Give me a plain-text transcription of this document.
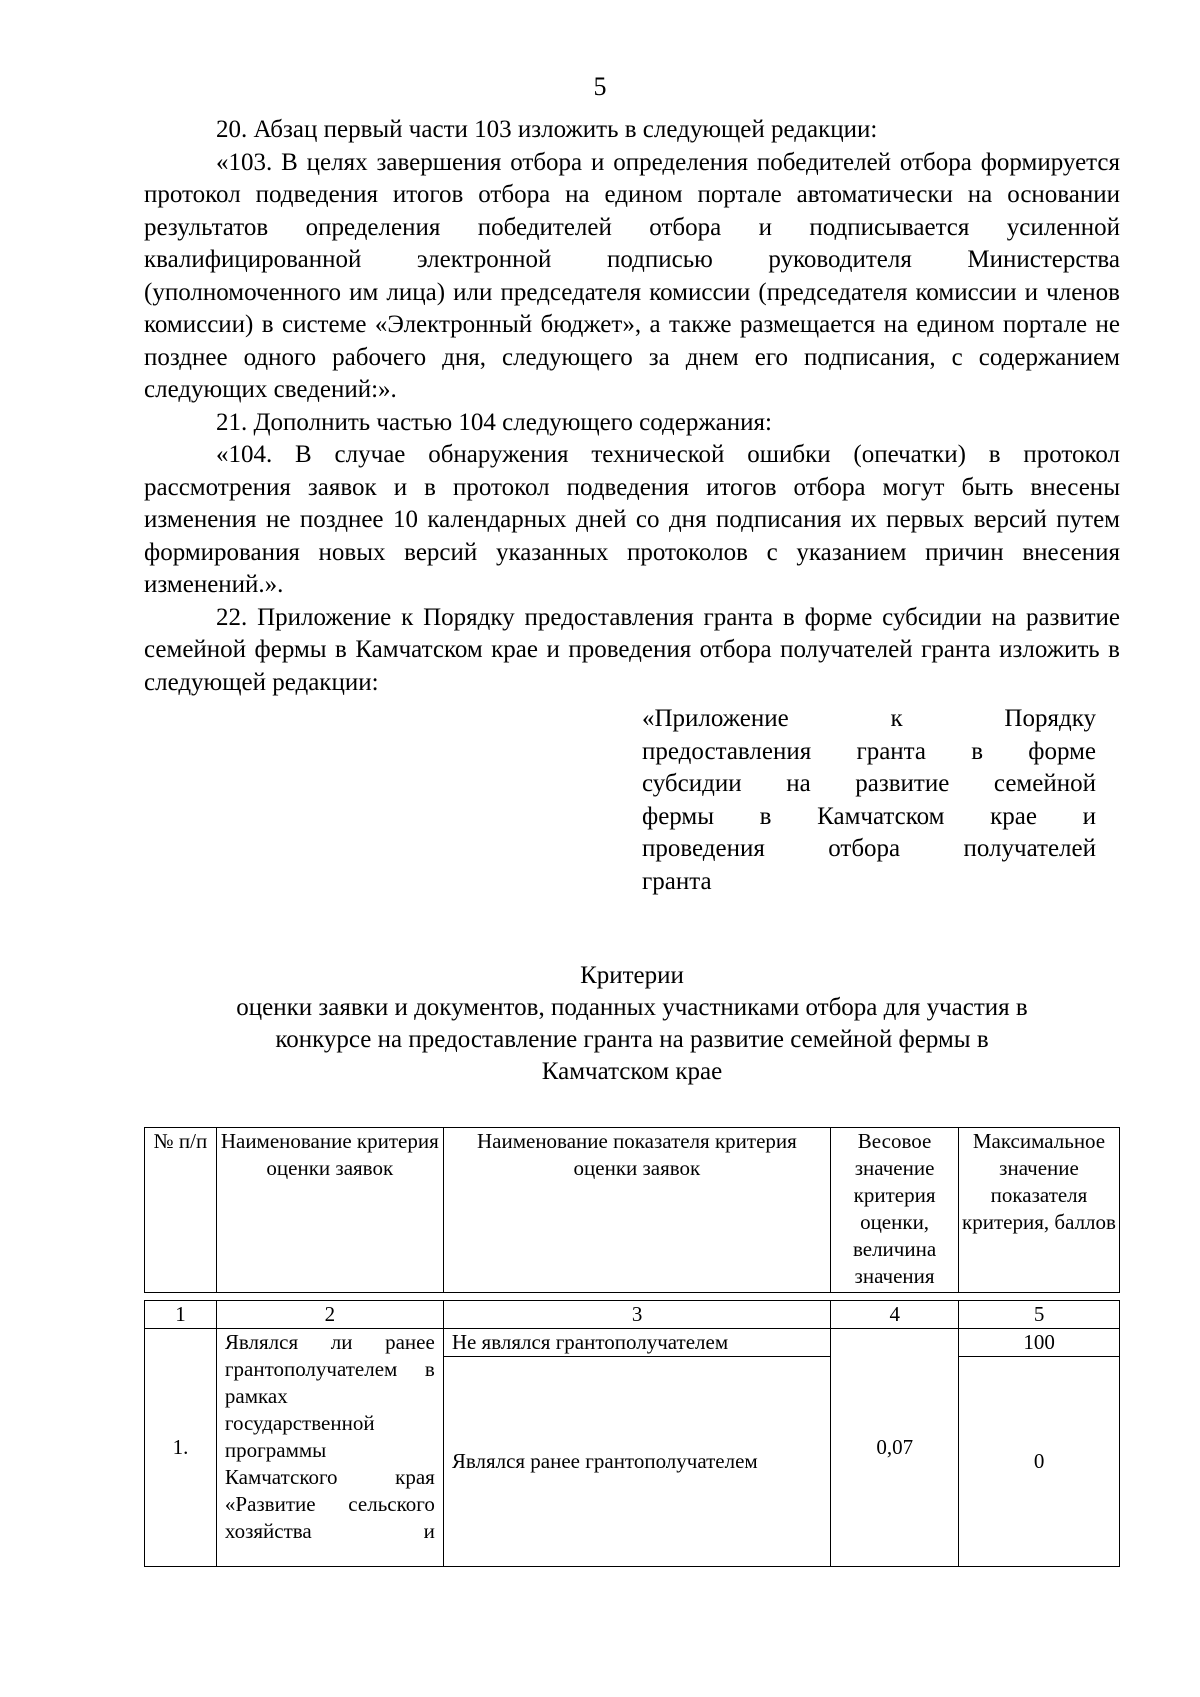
5

20. Абзац первый части 103 изложить в следующей редакции:

«103. В целях завершения отбора и определения победителей отбора формируется протокол подведения итогов отбора на едином портале автоматически на основании результатов определения победителей отбора и подписывается усиленной квалифицированной электронной подписью руководителя Министерства (уполномоченного им лица) или председателя комиссии (председателя комиссии и членов комиссии) в системе «Электронный бюджет», а также размещается на едином портале не позднее одного рабочего дня, следующего за днем его подписания, с содержанием следующих сведений:».

21. Дополнить частью 104 следующего содержания:

«104. В случае обнаружения технической ошибки (опечатки) в протокол рассмотрения заявок и в протокол подведения итогов отбора могут быть внесены изменения не позднее 10 календарных дней со дня подписания их первых версий путем формирования новых версий указанных протоколов с указанием причин внесения изменений.».

22. Приложение к Порядку предоставления гранта в форме субсидии на развитие семейной фермы в Камчатском крае и проведения отбора получателей гранта изложить в следующей редакции:

«Приложение к Порядку
предоставления гранта в форме
субсидии на развитие семейной
фермы в Камчатском крае и
проведения отбора получателей
гранта
Критерии
оценки заявки и документов, поданных участниками отбора для участия в
конкурсе на предоставление гранта на развитие семейной фермы в
Камчатском крае
№ п/п	Наименование критерия оценки заявок	Наименование показателя критерия оценки заявок	Весовое значение критерия оценки, величина значения	Максимальное значение показателя критерия, баллов
1	2	3	4	5
1.	Являлся ли ранее грантополучателем в рамках государственной программы Камчатского края «Развитие сельского хозяйства и	Не являлся грантополучателем	0,07	100
		Являлся ранее грантополучателем		0
